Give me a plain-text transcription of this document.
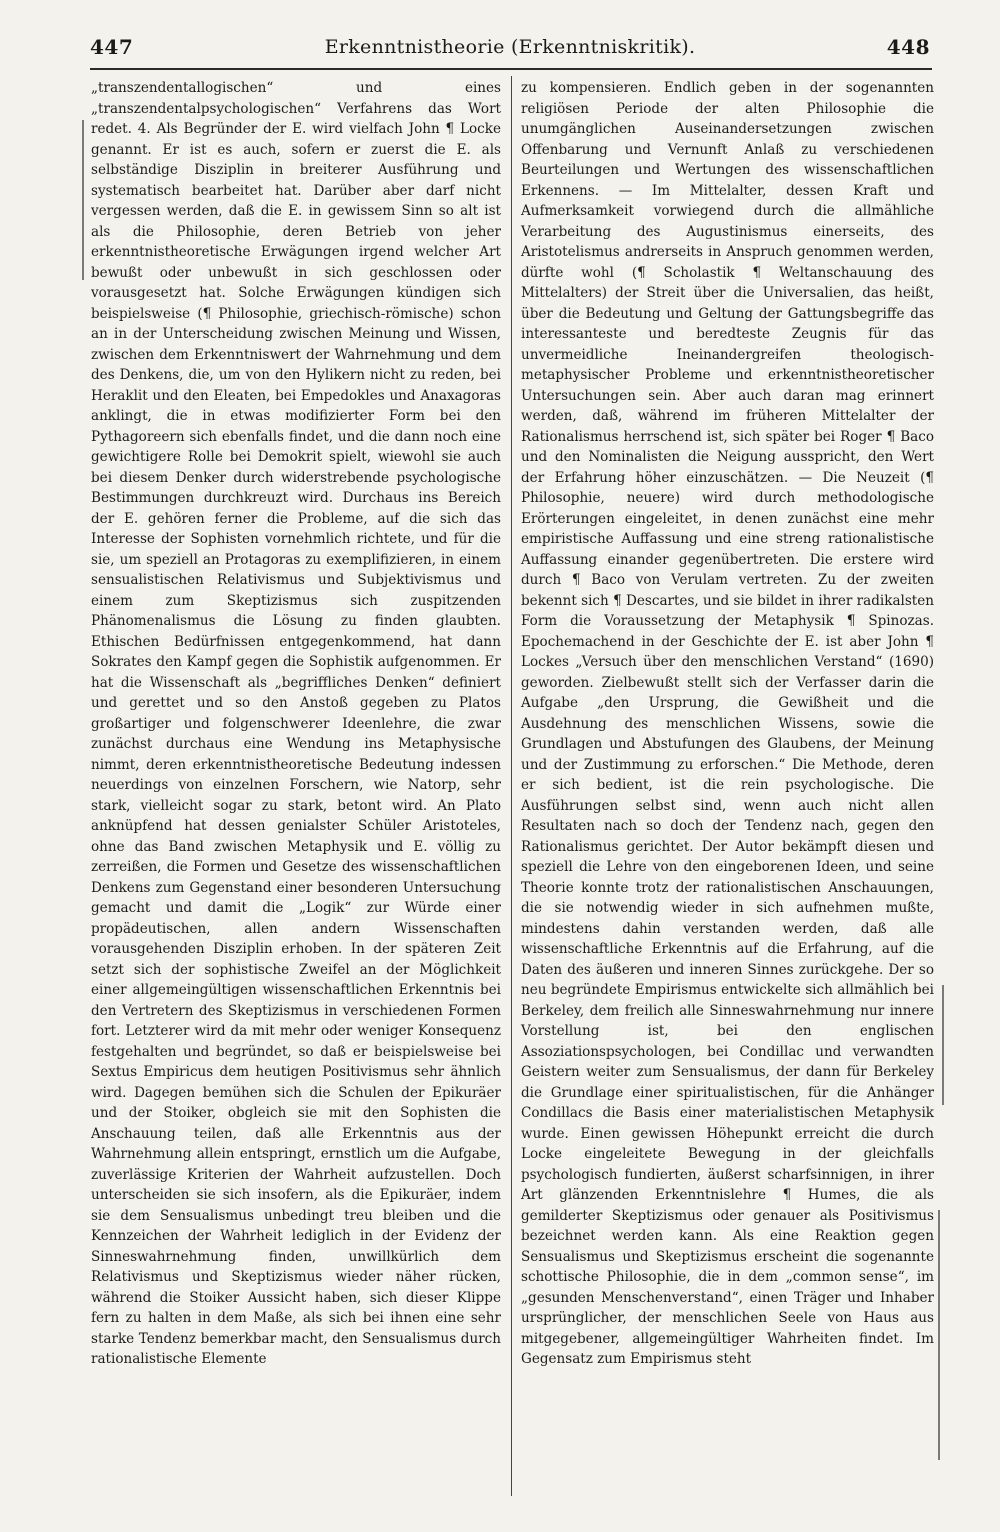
447	Erkenntnistheorie (Erkenntniskritik).	448

„transzendentallogischen“ und eines „transzendentalpsychologischen“ Verfahrens das Wort redet. 4. Als Begründer der E. wird vielfach John ¶ Locke genannt. Er ist es auch, sofern er zuerst die E. als selbständige Disziplin in breiterer Ausführung und systematisch bearbeitet hat. Darüber aber darf nicht vergessen werden, daß die E. in gewissem Sinn so alt ist als die Philosophie, deren Betrieb von jeher erkenntnistheoretische Erwägungen irgend welcher Art bewußt oder unbewußt in sich geschlossen oder vorausgesetzt hat. Solche Erwägungen kündigen sich beispielsweise (¶ Philosophie, griechisch-römische) schon an in der Unterscheidung zwischen Meinung und Wissen, zwischen dem Erkenntniswert der Wahrnehmung und dem des Denkens, die, um von den Hylikern nicht zu reden, bei Heraklit und den Eleaten, bei Empedokles und Anaxagoras anklingt, die in etwas modifizierter Form bei den Pythagoreern sich ebenfalls findet, und die dann noch eine gewichtigere Rolle bei Demokrit spielt, wiewohl sie auch bei diesem Denker durch widerstrebende psychologische Bestimmungen durchkreuzt wird. Durchaus ins Bereich der E. gehören ferner die Probleme, auf die sich das Interesse der Sophisten vornehmlich richtete, und für die sie, um speziell an Protagoras zu exemplifizieren, in einem sensualistischen Relativismus und Subjektivismus und einem zum Skeptizismus sich zuspitzenden Phänomenalismus die Lösung zu finden glaubten. Ethischen Bedürfnissen entgegenkommend, hat dann Sokrates den Kampf gegen die Sophistik aufgenommen. Er hat die Wissenschaft als „begriffliches Denken“ definiert und gerettet und so den Anstoß gegeben zu Platos großartiger und folgenschwerer Ideenlehre, die zwar zunächst durchaus eine Wendung ins Metaphysische nimmt, deren erkenntnistheoretische Bedeutung indessen neuerdings von einzelnen Forschern, wie Natorp, sehr stark, vielleicht sogar zu stark, betont wird. An Plato anknüpfend hat dessen genialster Schüler Aristoteles, ohne das Band zwischen Metaphysik und E. völlig zu zerreißen, die Formen und Gesetze des wissenschaftlichen Denkens zum Gegenstand einer besonderen Untersuchung gemacht und damit die „Logik“ zur Würde einer propädeutischen, allen andern Wissenschaften vorausgehenden Disziplin erhoben. In der späteren Zeit setzt sich der sophistische Zweifel an der Möglichkeit einer allgemeingültigen wissenschaftlichen Erkenntnis bei den Vertretern des Skeptizismus in verschiedenen Formen fort. Letzterer wird da mit mehr oder weniger Konsequenz festgehalten und begründet, so daß er beispielsweise bei Sextus Empiricus dem heutigen Positivismus sehr ähnlich wird. Dagegen bemühen sich die Schulen der Epikuräer und der Stoiker, obgleich sie mit den Sophisten die Anschauung teilen, daß alle Erkenntnis aus der Wahrnehmung allein entspringt, ernstlich um die Aufgabe, zuverlässige Kriterien der Wahrheit aufzustellen. Doch unterscheiden sie sich insofern, als die Epikuräer, indem sie dem Sensualismus unbedingt treu bleiben und die Kennzeichen der Wahrheit lediglich in der Evidenz der Sinneswahrnehmung finden, unwillkürlich dem Relativismus und Skeptizismus wieder näher rücken, während die Stoiker Aussicht haben, sich dieser Klippe fern zu halten in dem Maße, als sich bei ihnen eine sehr starke Tendenz bemerkbar macht, den Sensualismus durch rationalistische Elemente

zu kompensieren. Endlich geben in der sogenannten religiösen Periode der alten Philosophie die unumgänglichen Auseinandersetzungen zwischen Offenbarung und Vernunft Anlaß zu verschiedenen Beurteilungen und Wertungen des wissenschaftlichen Erkennens. — Im Mittelalter, dessen Kraft und Aufmerksamkeit vorwiegend durch die allmähliche Verarbeitung des Augustinismus einerseits, des Aristotelismus andrerseits in Anspruch genommen werden, dürfte wohl (¶ Scholastik ¶ Weltanschauung des Mittelalters) der Streit über die Universalien, das heißt, über die Bedeutung und Geltung der Gattungsbegriffe das interessanteste und beredteste Zeugnis für das unvermeidliche Ineinandergreifen theologisch-metaphysischer Probleme und erkenntnistheoretischer Untersuchungen sein. Aber auch daran mag erinnert werden, daß, während im früheren Mittelalter der Rationalismus herrschend ist, sich später bei Roger ¶ Baco und den Nominalisten die Neigung ausspricht, den Wert der Erfahrung höher einzuschätzen. — Die Neuzeit (¶ Philosophie, neuere) wird durch methodologische Erörterungen eingeleitet, in denen zunächst eine mehr empiristische Auffassung und eine streng rationalistische Auffassung einander gegenübertreten. Die erstere wird durch ¶ Baco von Verulam vertreten. Zu der zweiten bekennt sich ¶ Descartes, und sie bildet in ihrer radikalsten Form die Voraussetzung der Metaphysik ¶ Spinozas. Epochemachend in der Geschichte der E. ist aber John ¶ Lockes „Versuch über den menschlichen Verstand“ (1690) geworden. Zielbewußt stellt sich der Verfasser darin die Aufgabe „den Ursprung, die Gewißheit und die Ausdehnung des menschlichen Wissens, sowie die Grundlagen und Abstufungen des Glaubens, der Meinung und der Zustimmung zu erforschen.“ Die Methode, deren er sich bedient, ist die rein psychologische. Die Ausführungen selbst sind, wenn auch nicht allen Resultaten nach so doch der Tendenz nach, gegen den Rationalismus gerichtet. Der Autor bekämpft diesen und speziell die Lehre von den eingeborenen Ideen, und seine Theorie konnte trotz der rationalistischen Anschauungen, die sie notwendig wieder in sich aufnehmen mußte, mindestens dahin verstanden werden, daß alle wissenschaftliche Erkenntnis auf die Erfahrung, auf die Daten des äußeren und inneren Sinnes zurückgehe. Der so neu begründete Empirismus entwickelte sich allmählich bei Berkeley, dem freilich alle Sinneswahrnehmung nur innere Vorstellung ist, bei den englischen Assoziationspsychologen, bei Condillac und verwandten Geistern weiter zum Sensualismus, der dann für Berkeley die Grundlage einer spiritualistischen, für die Anhänger Condillacs die Basis einer materialistischen Metaphysik wurde. Einen gewissen Höhepunkt erreicht die durch Locke eingeleitete Bewegung in der gleichfalls psychologisch fundierten, äußerst scharfsinnigen, in ihrer Art glänzenden Erkenntnislehre ¶ Humes, die als gemilderter Skeptizismus oder genauer als Positivismus bezeichnet werden kann. Als eine Reaktion gegen Sensualismus und Skeptizismus erscheint die sogenannte schottische Philosophie, die in dem „common sense“, im „gesunden Menschenverstand“, einen Träger und Inhaber ursprünglicher, der menschlichen Seele von Haus aus mitgegebener, allgemeingültiger Wahrheiten findet. Im Gegensatz zum Empirismus steht
